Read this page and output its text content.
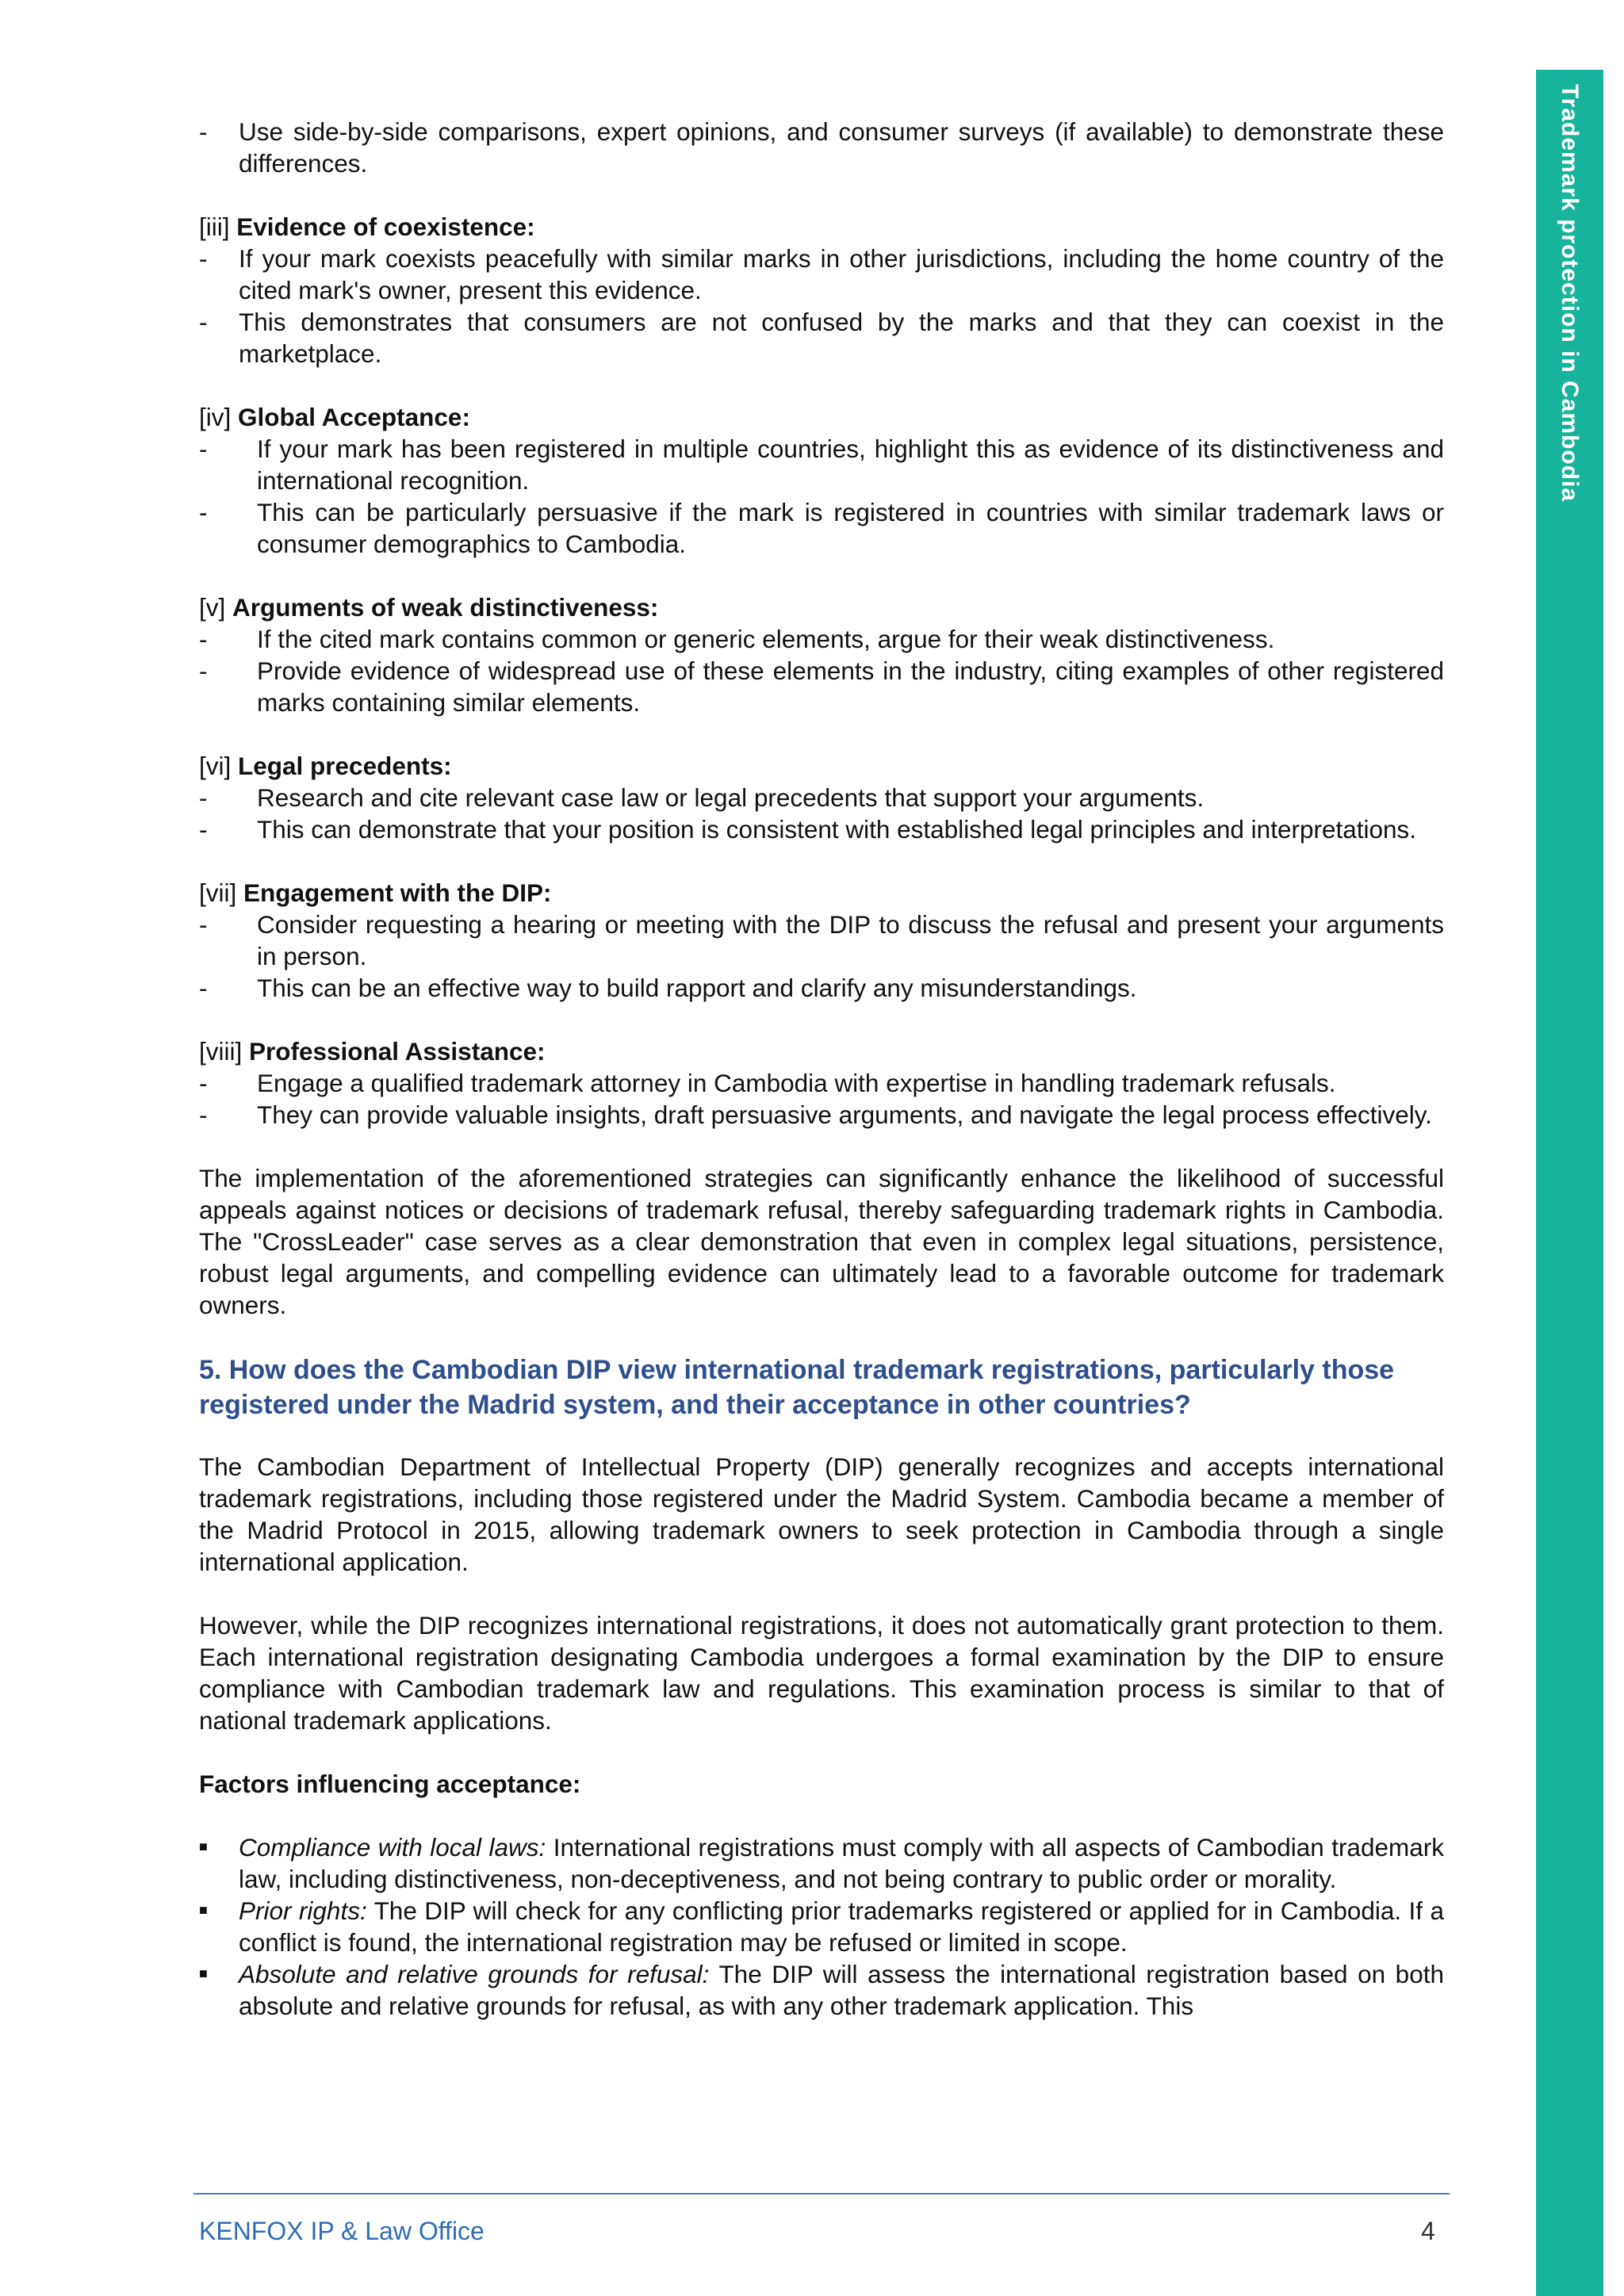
Trademark protection in Cambodia
- Use side-by-side comparisons, expert opinions, and consumer surveys (if available) to demonstrate these differences.

[iii] Evidence of coexistence:

- If your mark coexists peacefully with similar marks in other jurisdictions, including the home country of the cited mark's owner, present this evidence.
- This demonstrates that consumers are not confused by the marks and that they can coexist in the marketplace.

[iv] Global Acceptance:

- If your mark has been registered in multiple countries, highlight this as evidence of its distinctiveness and international recognition.
- This can be particularly persuasive if the mark is registered in countries with similar trademark laws or consumer demographics to Cambodia.

[v] Arguments of weak distinctiveness:

- If the cited mark contains common or generic elements, argue for their weak distinctiveness.
- Provide evidence of widespread use of these elements in the industry, citing examples of other registered marks containing similar elements.

[vi] Legal precedents:

- Research and cite relevant case law or legal precedents that support your arguments.
- This can demonstrate that your position is consistent with established legal principles and interpretations.

[vii] Engagement with the DIP:

- Consider requesting a hearing or meeting with the DIP to discuss the refusal and present your arguments in person.
- This can be an effective way to build rapport and clarify any misunderstandings.

[viii] Professional Assistance:

- Engage a qualified trademark attorney in Cambodia with expertise in handling trademark refusals.
- They can provide valuable insights, draft persuasive arguments, and navigate the legal process effectively.

The implementation of the aforementioned strategies can significantly enhance the likelihood of successful appeals against notices or decisions of trademark refusal, thereby safeguarding trademark rights in Cambodia. The "CrossLeader" case serves as a clear demonstration that even in complex legal situations, persistence, robust legal arguments, and compelling evidence can ultimately lead to a favorable outcome for trademark owners.

5. How does the Cambodian DIP view international trademark registrations, particularly those registered under the Madrid system, and their acceptance in other countries?

The Cambodian Department of Intellectual Property (DIP) generally recognizes and accepts international trademark registrations, including those registered under the Madrid System. Cambodia became a member of the Madrid Protocol in 2015, allowing trademark owners to seek protection in Cambodia through a single international application.

However, while the DIP recognizes international registrations, it does not automatically grant protection to them. Each international registration designating Cambodia undergoes a formal examination by the DIP to ensure compliance with Cambodian trademark law and regulations. This examination process is similar to that of national trademark applications.

Factors influencing acceptance:

■ Compliance with local laws: International registrations must comply with all aspects of Cambodian trademark law, including distinctiveness, non-deceptiveness, and not being contrary to public order or morality.
■ Prior rights: The DIP will check for any conflicting prior trademarks registered or applied for in Cambodia. If a conflict is found, the international registration may be refused or limited in scope.
■ Absolute and relative grounds for refusal: The DIP will assess the international registration based on both absolute and relative grounds for refusal, as with any other trademark application. This
KENFOX IP & Law Office	4
